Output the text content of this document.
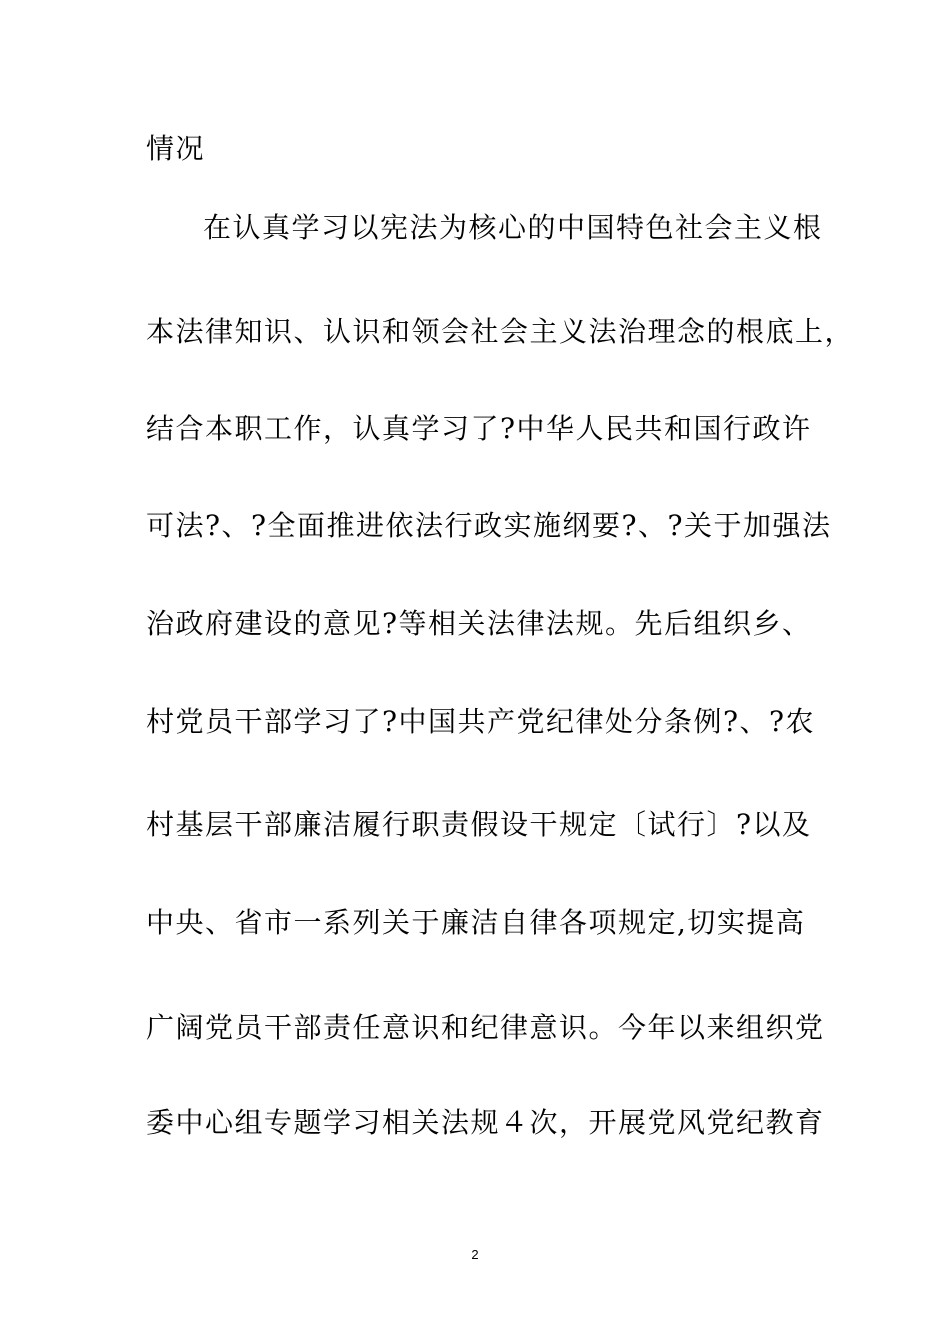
情况
在认真学习以宪法为核心的中国特色社会主义根
本法律知识、认识和领会社会主义法治理念的根底上，
结合本职工作，认真学习了?中华人民共和国行政许
可法?、?全面推进依法行政实施纲要?、?关于加强法
治政府建设的意见?等相关法律法规。先后组织乡、
村党员干部学习了?中国共产党纪律处分条例?、?农
村基层干部廉洁履行职责假设干规定〔试行〕?以及
中央、省市一系列关于廉洁自律各项规定,切实提高
广阔党员干部责任意识和纪律意识。今年以来组织党
委中心组专题学习相关法规４次，开展党风党纪教育
2
